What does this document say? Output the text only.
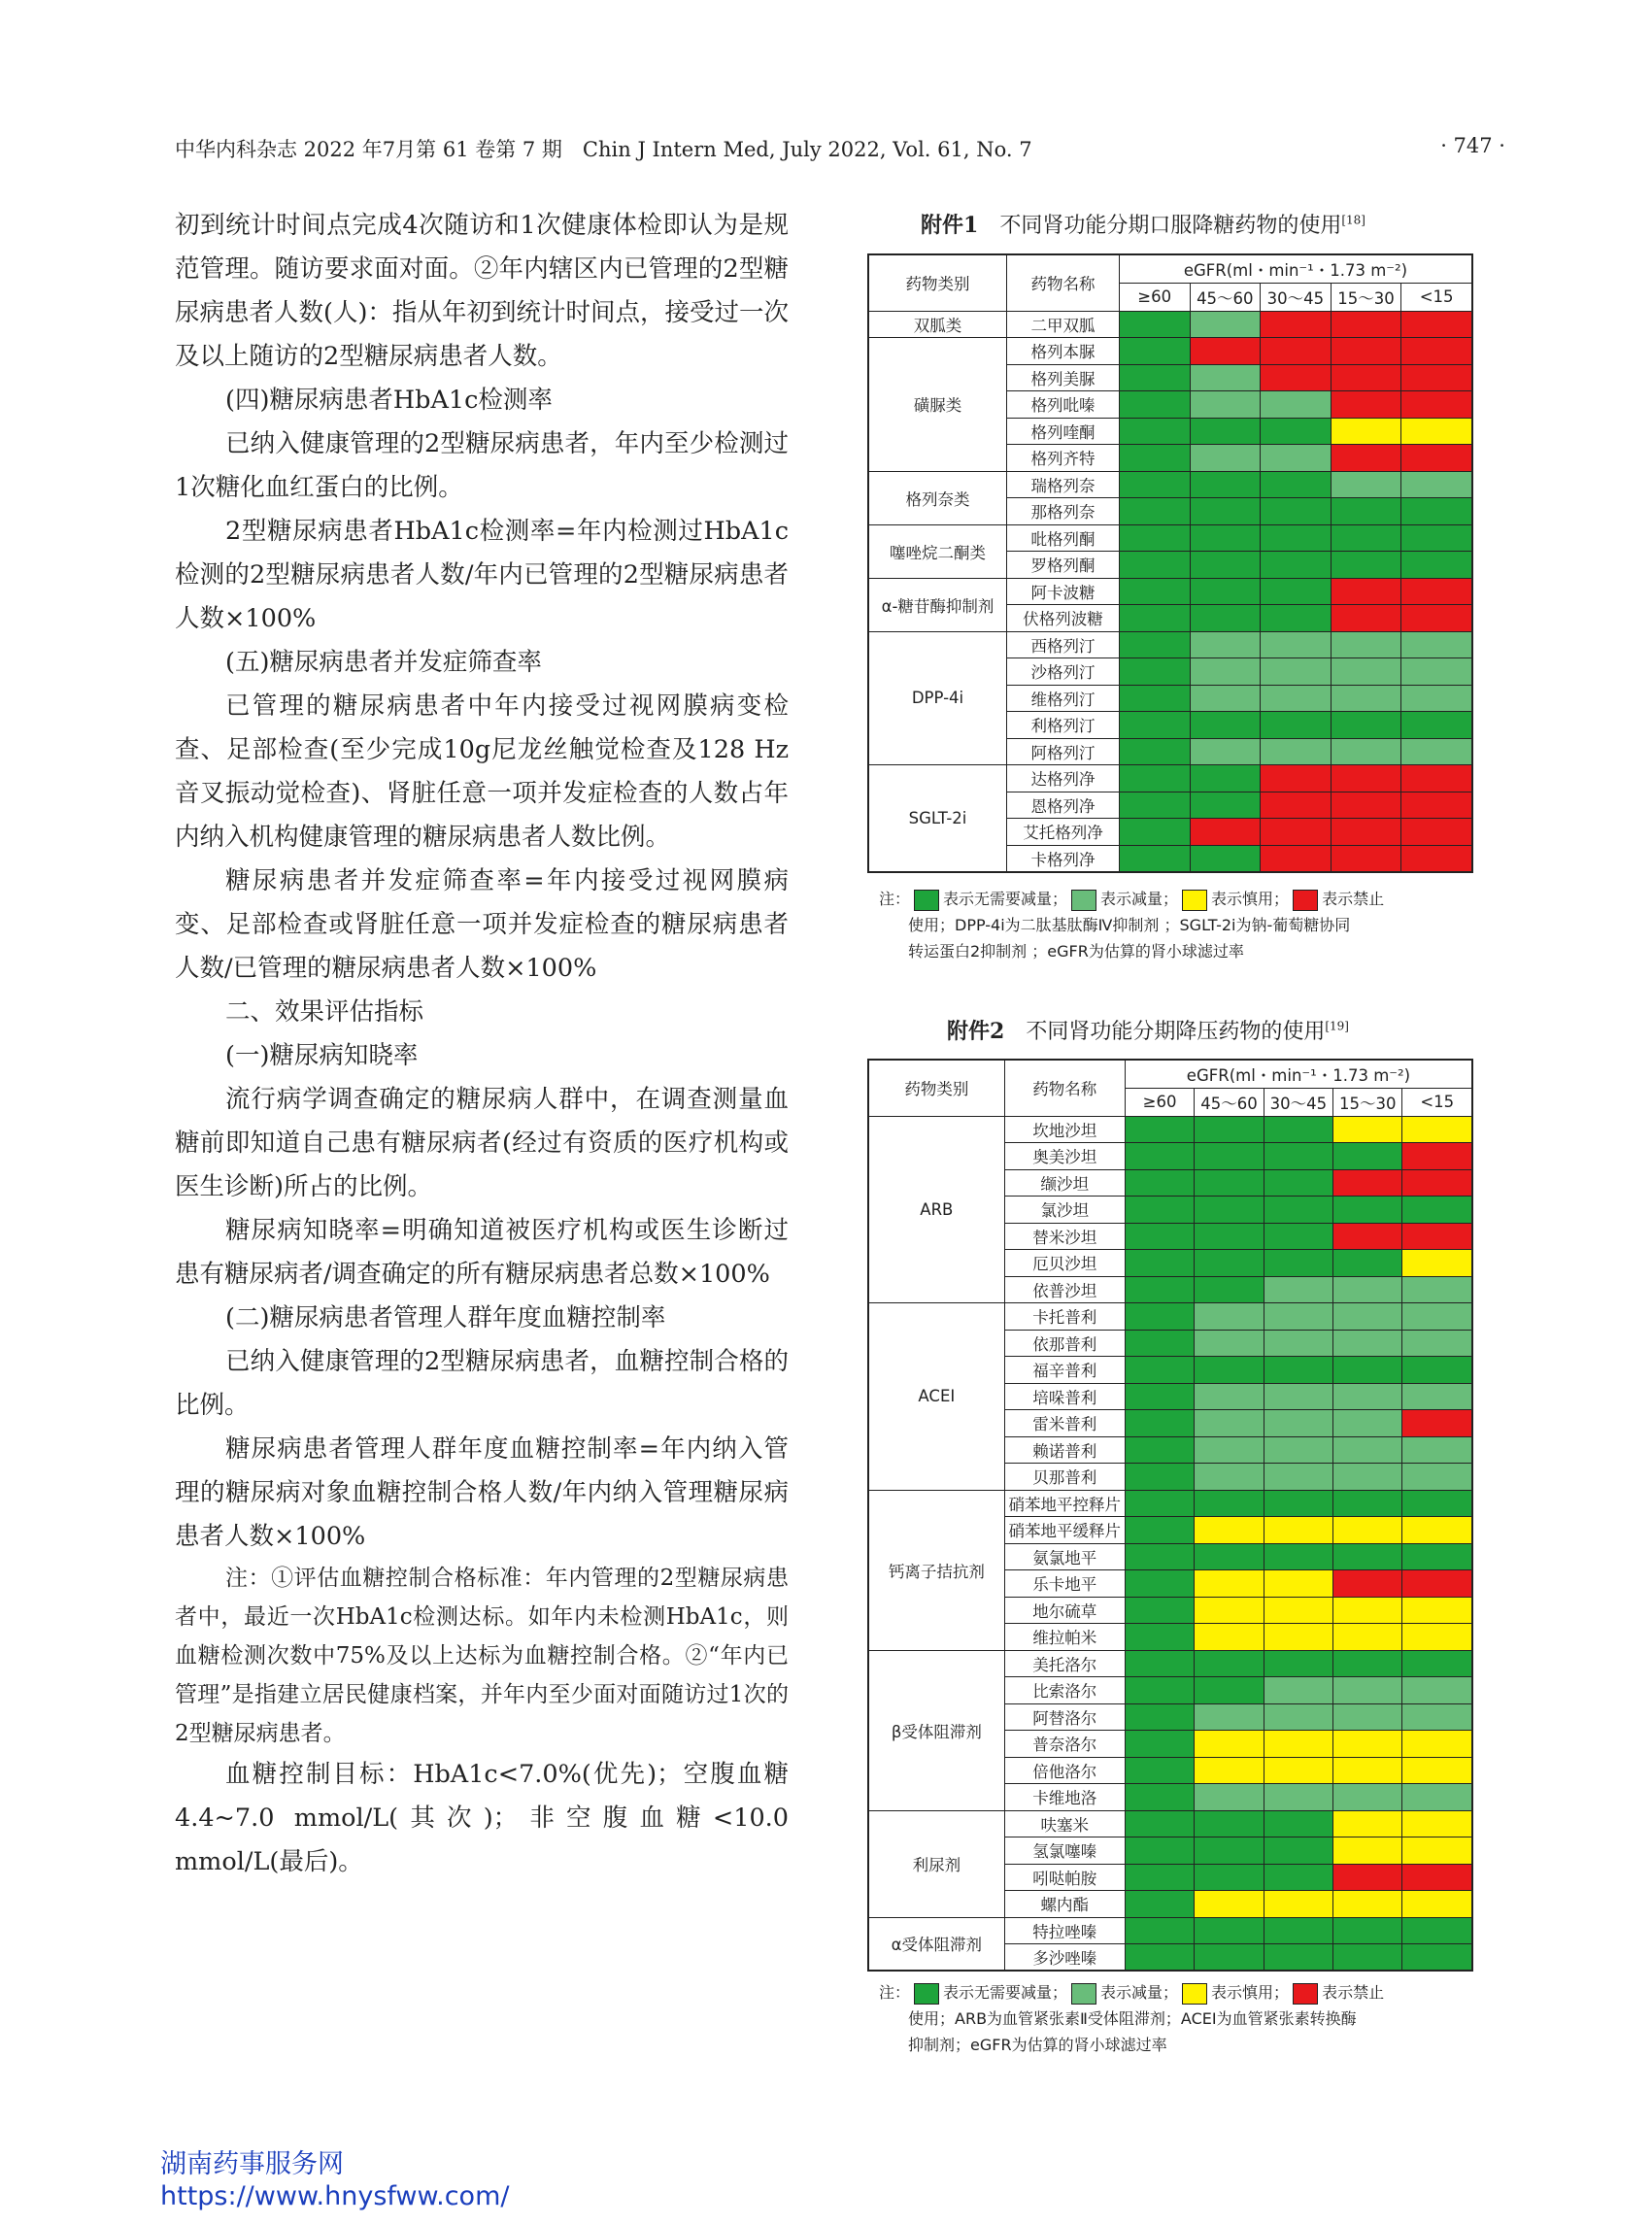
中华内科杂志 2022 年7月第 61 卷第 7 期　Chin J Intern Med, July 2022, Vol. 61, No. 7	· 747 ·

初到统计时间点完成4次随访和1次健康体检即认为是规范管理。随访要求面对面。②年内辖区内已管理的2型糖尿病患者人数(人)：指从年初到统计时间点，接受过一次及以上随访的2型糖尿病患者人数。

(四)糖尿病患者HbA1c检测率

已纳入健康管理的2型糖尿病患者，年内至少检测过1次糖化血红蛋白的比例。

2型糖尿病患者HbA1c检测率=年内检测过HbA1c检测的2型糖尿病患者人数/年内已管理的2型糖尿病患者人数×100%

(五)糖尿病患者并发症筛查率

已管理的糖尿病患者中年内接受过视网膜病变检查、足部检查(至少完成10g尼龙丝触觉检查及128 Hz音叉振动觉检查)、肾脏任意一项并发症检查的人数占年内纳入机构健康管理的糖尿病患者人数比例。

糖尿病患者并发症筛查率=年内接受过视网膜病变、足部检查或肾脏任意一项并发症检查的糖尿病患者人数/已管理的糖尿病患者人数×100%

二、效果评估指标

(一)糖尿病知晓率

流行病学调查确定的糖尿病人群中，在调查测量血糖前即知道自己患有糖尿病者(经过有资质的医疗机构或医生诊断)所占的比例。

糖尿病知晓率=明确知道被医疗机构或医生诊断过患有糖尿病者/调查确定的所有糖尿病患者总数×100%

(二)糖尿病患者管理人群年度血糖控制率

已纳入健康管理的2型糖尿病患者，血糖控制合格的比例。

糖尿病患者管理人群年度血糖控制率=年内纳入管理的糖尿病对象血糖控制合格人数/年内纳入管理糖尿病患者人数×100%

注：①评估血糖控制合格标准：年内管理的2型糖尿病患者中，最近一次HbA1c检测达标。如年内未检测HbA1c，则血糖检测次数中75%及以上达标为血糖控制合格。②“年内已管理”是指建立居民健康档案，并年内至少面对面随访过1次的2型糖尿病患者。

血糖控制目标：HbA1c<7.0%(优先)；空腹血糖4.4~7.0 mmol/L(其次)；非空腹血糖<10.0 mmol/L(最后)。

附件1　 不同肾功能分期口服降糖药物的使用[18]
药物类别	药物名称	eGFR(ml・min⁻¹・1.73 m⁻²)				
		≥60	45～60	30～45	15～30	<15
双胍类	二甲双胍					
磺脲类	格列本脲					
	格列美脲					
	格列吡嗪					
	格列喹酮					
	格列齐特					
格列奈类	瑞格列奈					
	那格列奈					
噻唑烷二酮类	吡格列酮					
	罗格列酮					
α-糖苷酶抑制剂	阿卡波糖					
	伏格列波糖					
DPP-4i	西格列汀					
	沙格列汀					
	维格列汀					
	利格列汀					
	阿格列汀					
SGLT-2i	达格列净					
	恩格列净					
	艾托格列净					
	卡格列净					
注： 表示无需要减量； 表示减量； 表示慎用； 表示禁止
使用；DPP-4i为二肽基肽酶Ⅳ抑制剂 ；SGLT-2i为钠-葡萄糖协同
转运蛋白2抑制剂 ；eGFR为估算的肾小球滤过率
附件2　 不同肾功能分期降压药物的使用[19]
药物类别	药物名称	eGFR(ml・min⁻¹・1.73 m⁻²)				
		≥60	45～60	30～45	15～30	<15
ARB	坎地沙坦					
	奥美沙坦					
	缬沙坦					
	氯沙坦					
	替米沙坦					
	厄贝沙坦					
	依普沙坦					
ACEI	卡托普利					
	依那普利					
	福辛普利					
	培哚普利					
	雷米普利					
	赖诺普利					
	贝那普利					
钙离子拮抗剂	硝苯地平控释片					
	硝苯地平缓释片					
	氨氯地平					
	乐卡地平					
	地尔硫草					
	维拉帕米					
β受体阻滞剂	美托洛尔					
	比索洛尔					
	阿替洛尔					
	普奈洛尔					
	倍他洛尔					
	卡维地洛					
利尿剂	呋塞米					
	氢氯噻嗪					
	吲哒帕胺					
	螺内酯					
α受体阻滞剂	特拉唑嗪					
	多沙唑嗪					
注： 表示无需要减量； 表示减量； 表示慎用； 表示禁止
使用；ARB为血管紧张素Ⅱ受体阻滞剂；ACEI为血管紧张素转换酶
抑制剂；eGFR为估算的肾小球滤过率
湖南药事服务网
https://www.hnysfww.com/
